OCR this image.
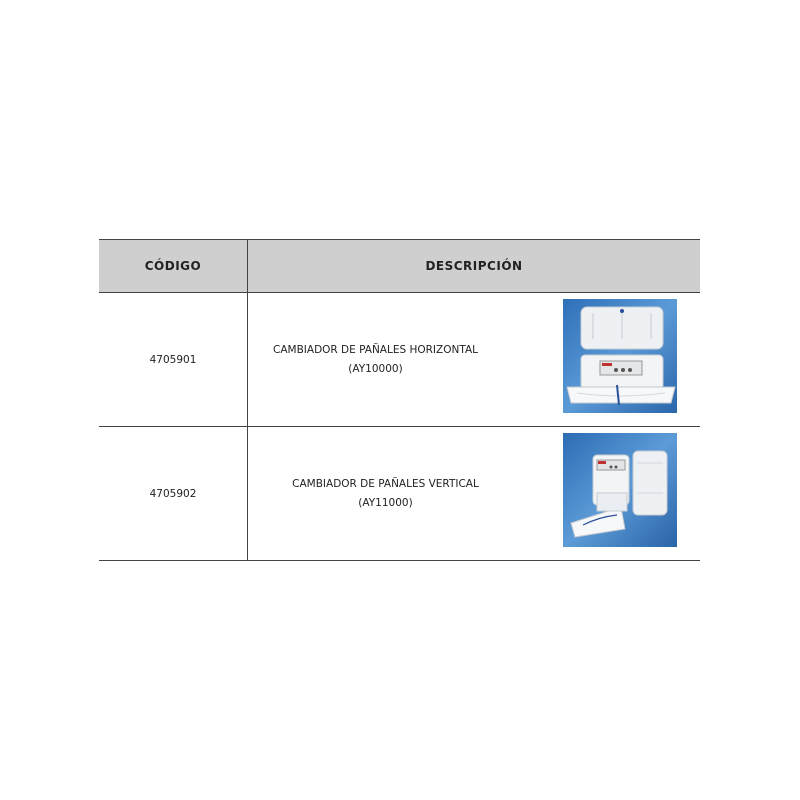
CÓDIGO	DESCRIPCIÓN
4705901
CAMBIADOR DE PAÑALES HORIZONTAL
(AY10000)
4705902
CAMBIADOR DE PAÑALES VERTICAL
(AY11000)
